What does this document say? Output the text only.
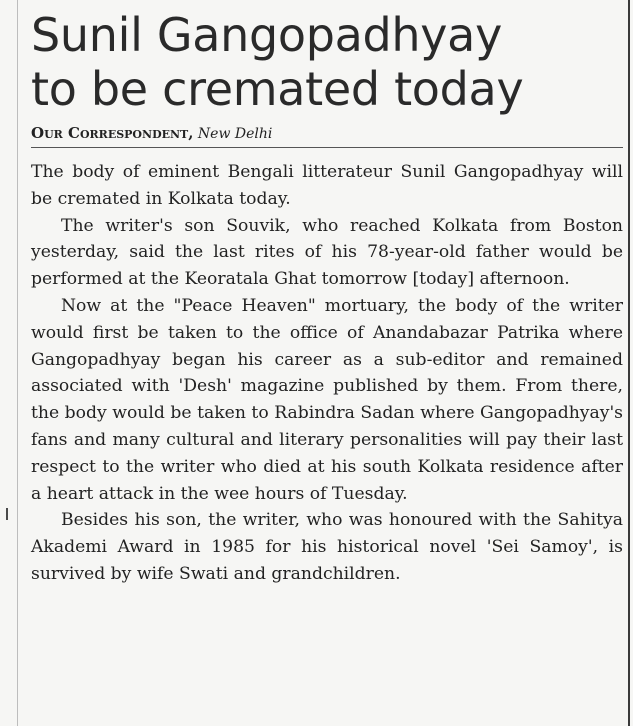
Sunil Gangopadhyay
to be cremated today
Our Correspondent, New Delhi

The body of eminent Bengali litterateur Sunil Gangopadhyay will be cremated in Kolkata today.

The writer's son Souvik, who reached Kolkata from Boston yesterday, said the last rites of his 78-year-old father would be performed at the Keoratala Ghat tomorrow [today] afternoon.

Now at the "Peace Heaven" mortuary, the body of the writer would first be taken to the office of Anandabazar Patrika where Gangopadhyay began his career as a sub-editor and remained associated with 'Desh' magazine published by them. From there, the body would be taken to Rabindra Sadan where Gangopadhyay's fans and many cultural and literary personalities will pay their last respect to the writer who died at his south Kolkata residence after a heart attack in the wee hours of Tuesday.

Besides his son, the writer, who was honoured with the Sahitya Akademi Award in 1985 for his historical novel 'Sei Samoy', is survived by wife Swati and grandchildren.
